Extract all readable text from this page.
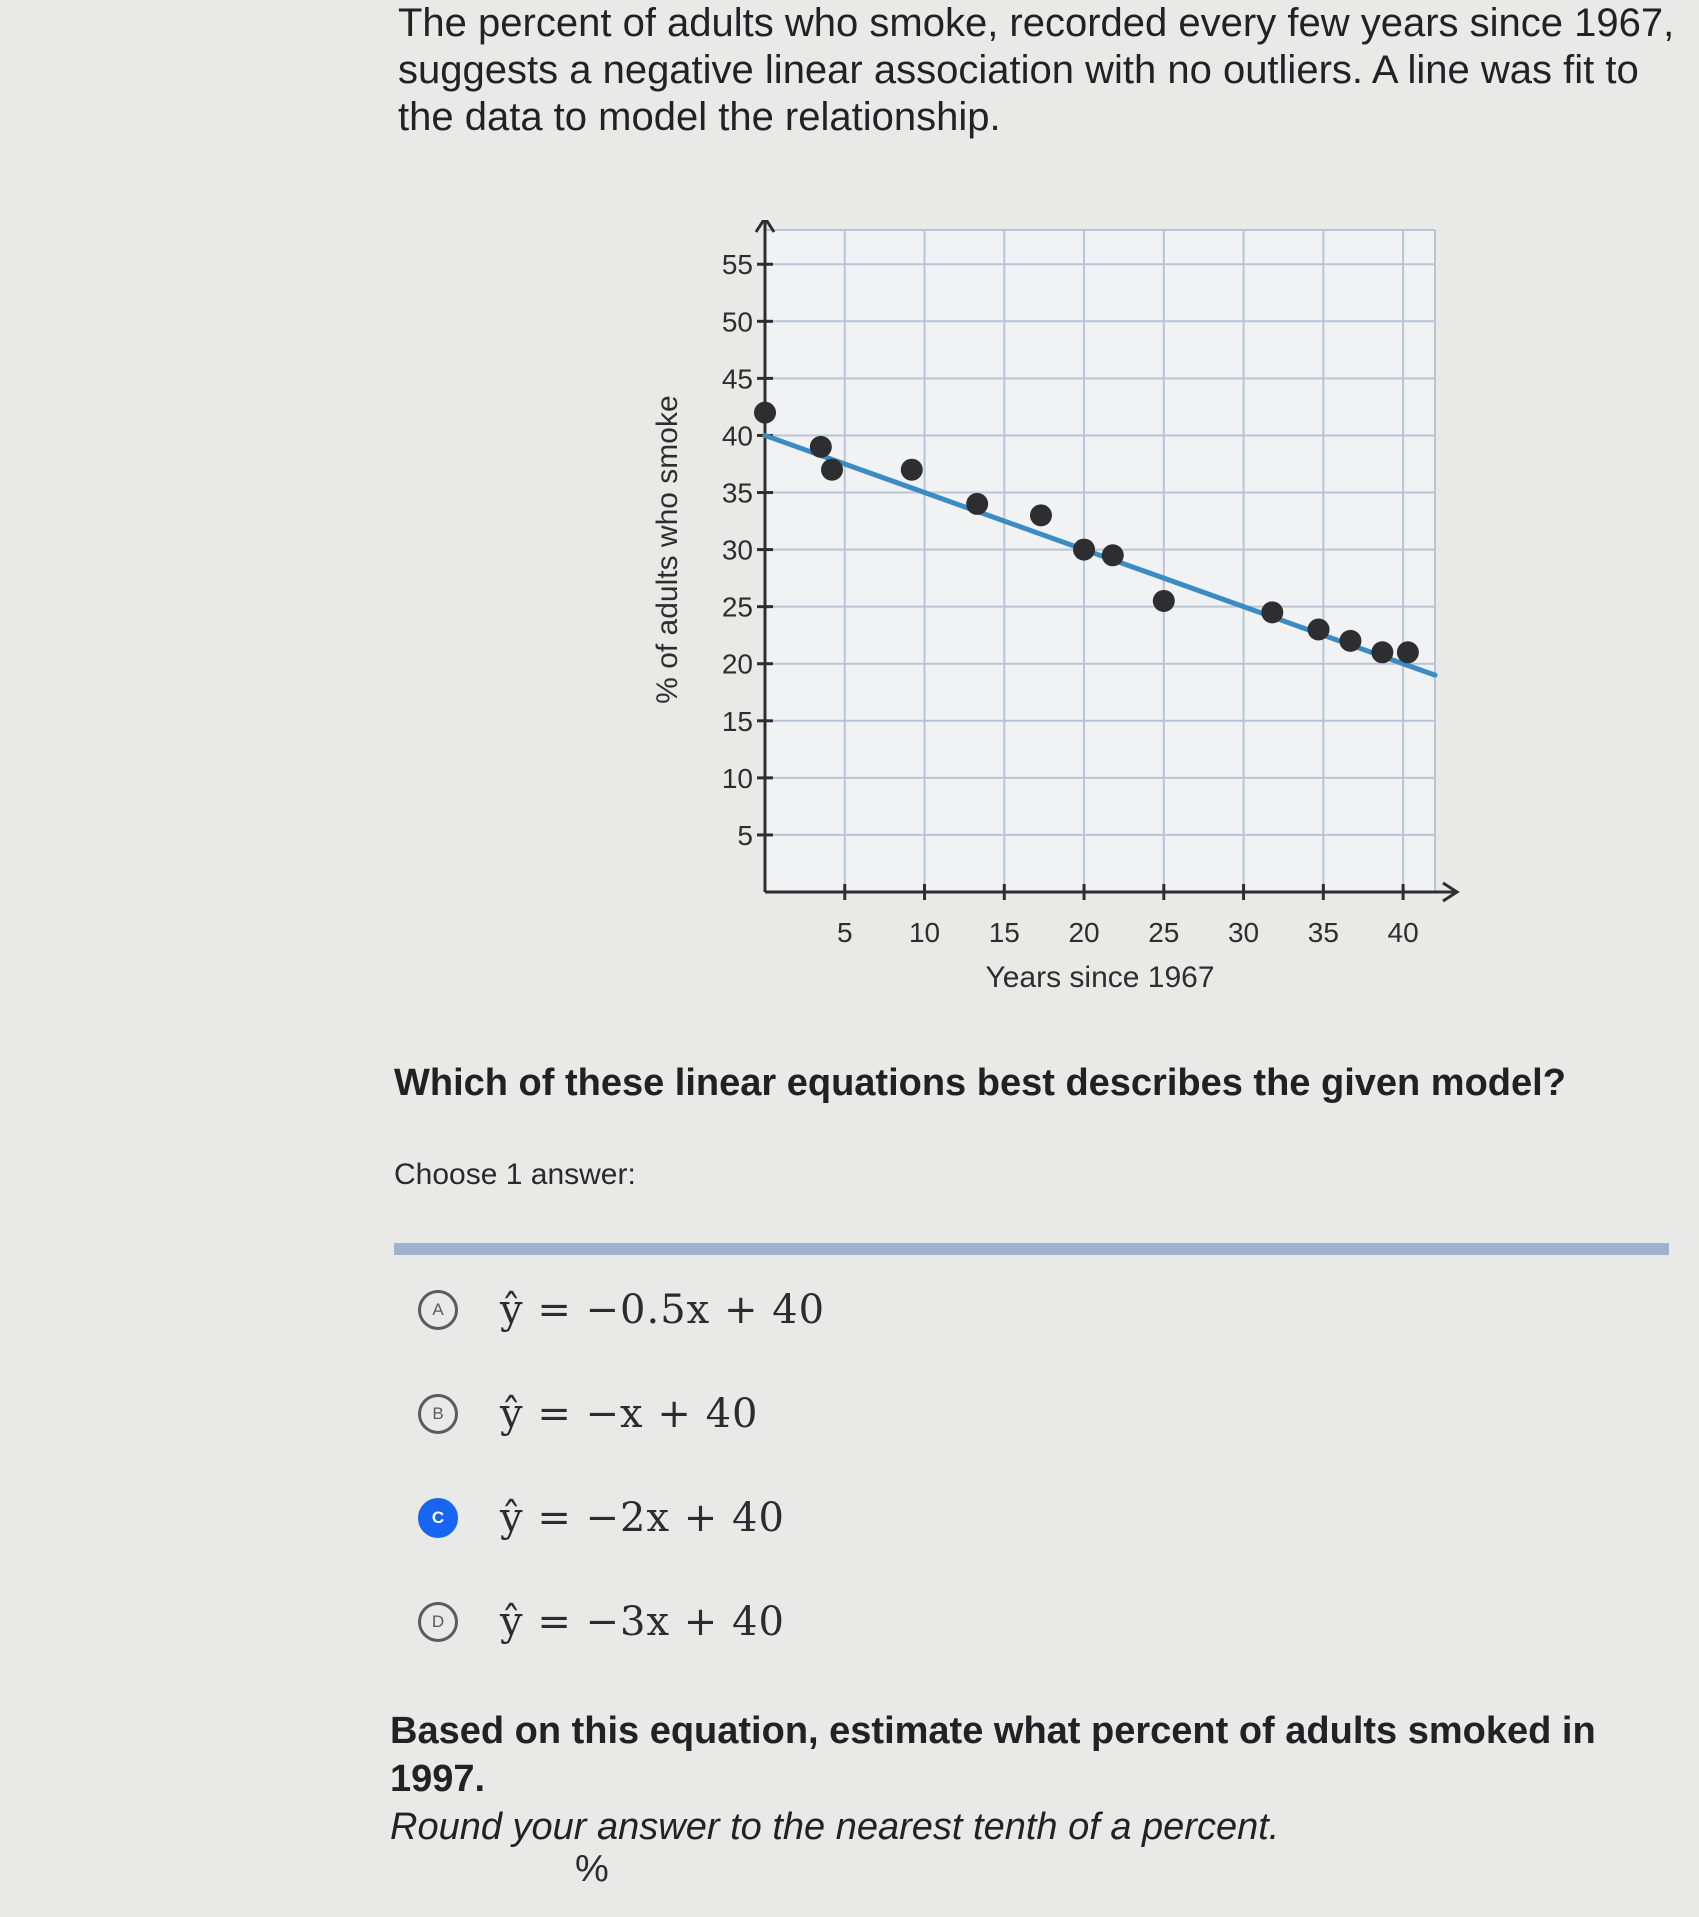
The percent of adults who smoke, recorded every few years since 1967, suggests a negative linear association with no outliers. A line was fit to the data to model the relationship.

5 10 15 20 25 30 35 40
5
10
15
20
25
30
35
40
45
50
55
Years since 1967
% of adults who smoke

Which of these linear equations best describes the given model?

Choose 1 answer:

A	ŷ = −0.5x + 40
B	ŷ = −x + 40
C	ŷ = −2x + 40
D	ŷ = −3x + 40

Based on this equation, estimate what percent of adults smoked in 1997.
Round your answer to the nearest tenth of a percent.

%
